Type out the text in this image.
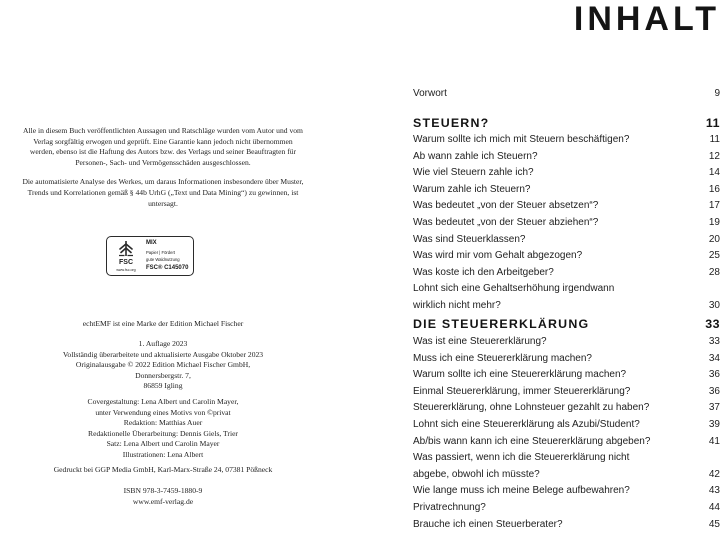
Alle in diesem Buch veröffentlichten Aussagen und Ratschläge wurden vom Autor und vom Verlag sorgfältig erwogen und geprüft. Eine Garantie kann jedoch nicht übernommen werden, ebenso ist die Haftung des Autors bzw. des Verlags und seiner Beauftragten für Personen-, Sach- und Vermögensschäden ausgeschlossen.

Die automatisierte Analyse des Werkes, um daraus Informationen insbesondere über Muster, Trends und Korrelationen gemäß § 44b UrhG („Text und Data Mining“) zu gewinnen, ist untersagt.

FSC
www.fsc.org
MIX
Papier | Fördert
gute Waldnutzung
FSC® C145070

echtEMF ist eine Marke der Edition Michael Fischer

1. Auflage 2023

Vollständig überarbeitete und aktualisierte Ausgabe Oktober 2023

Originalausgabe © 2022 Edition Michael Fischer GmbH,

Donnersbergstr. 7,

86859 Igling

Covergestaltung: Lena Albert und Carolin Mayer,

unter Verwendung eines Motivs von ©privat

Redaktion: Matthias Auer

Redaktionelle Überarbeitung: Dennis Giels, Trier

Satz: Lena Albert und Carolin Mayer

Illustrationen: Lena Albert

Gedruckt bei GGP Media GmbH, Karl-Marx-Straße 24, 07381 Pößneck

ISBN 978-3-7459-1880-9

www.emf-verlag.de

INHALT
Vorwort	9
STEUERN?	11
Warum sollte ich mich mit Steuern beschäftigen?	11
Ab wann zahle ich Steuern?	12
Wie viel Steuern zahle ich?	14
Warum zahle ich Steuern?	16
Was bedeutet „von der Steuer absetzen“?	17
Was bedeutet „von der Steuer abziehen“?	19
Was sind Steuerklassen?	20
Was wird mir vom Gehalt abgezogen?	25
Was koste ich den Arbeitgeber?	28
Lohnt sich eine Gehaltserhöhung irgendwann
wirklich nicht mehr?	30
DIE STEUERERKLÄRUNG	33
Was ist eine Steuererklärung?	33
Muss ich eine Steuererklärung machen?	34
Warum sollte ich eine Steuererklärung machen?	36
Einmal Steuererklärung, immer Steuererklärung?	36
Steuererklärung, ohne Lohnsteuer gezahlt zu haben?	37
Lohnt sich eine Steuererklärung als Azubi/Student?	39
Ab/bis wann kann ich eine Steuererklärung abgeben?	41
Was passiert, wenn ich die Steuererklärung nicht
abgebe, obwohl ich müsste?	42
Wie lange muss ich meine Belege aufbewahren?	43
Privatrechnung?	44
Brauche ich einen Steuerberater?	45
